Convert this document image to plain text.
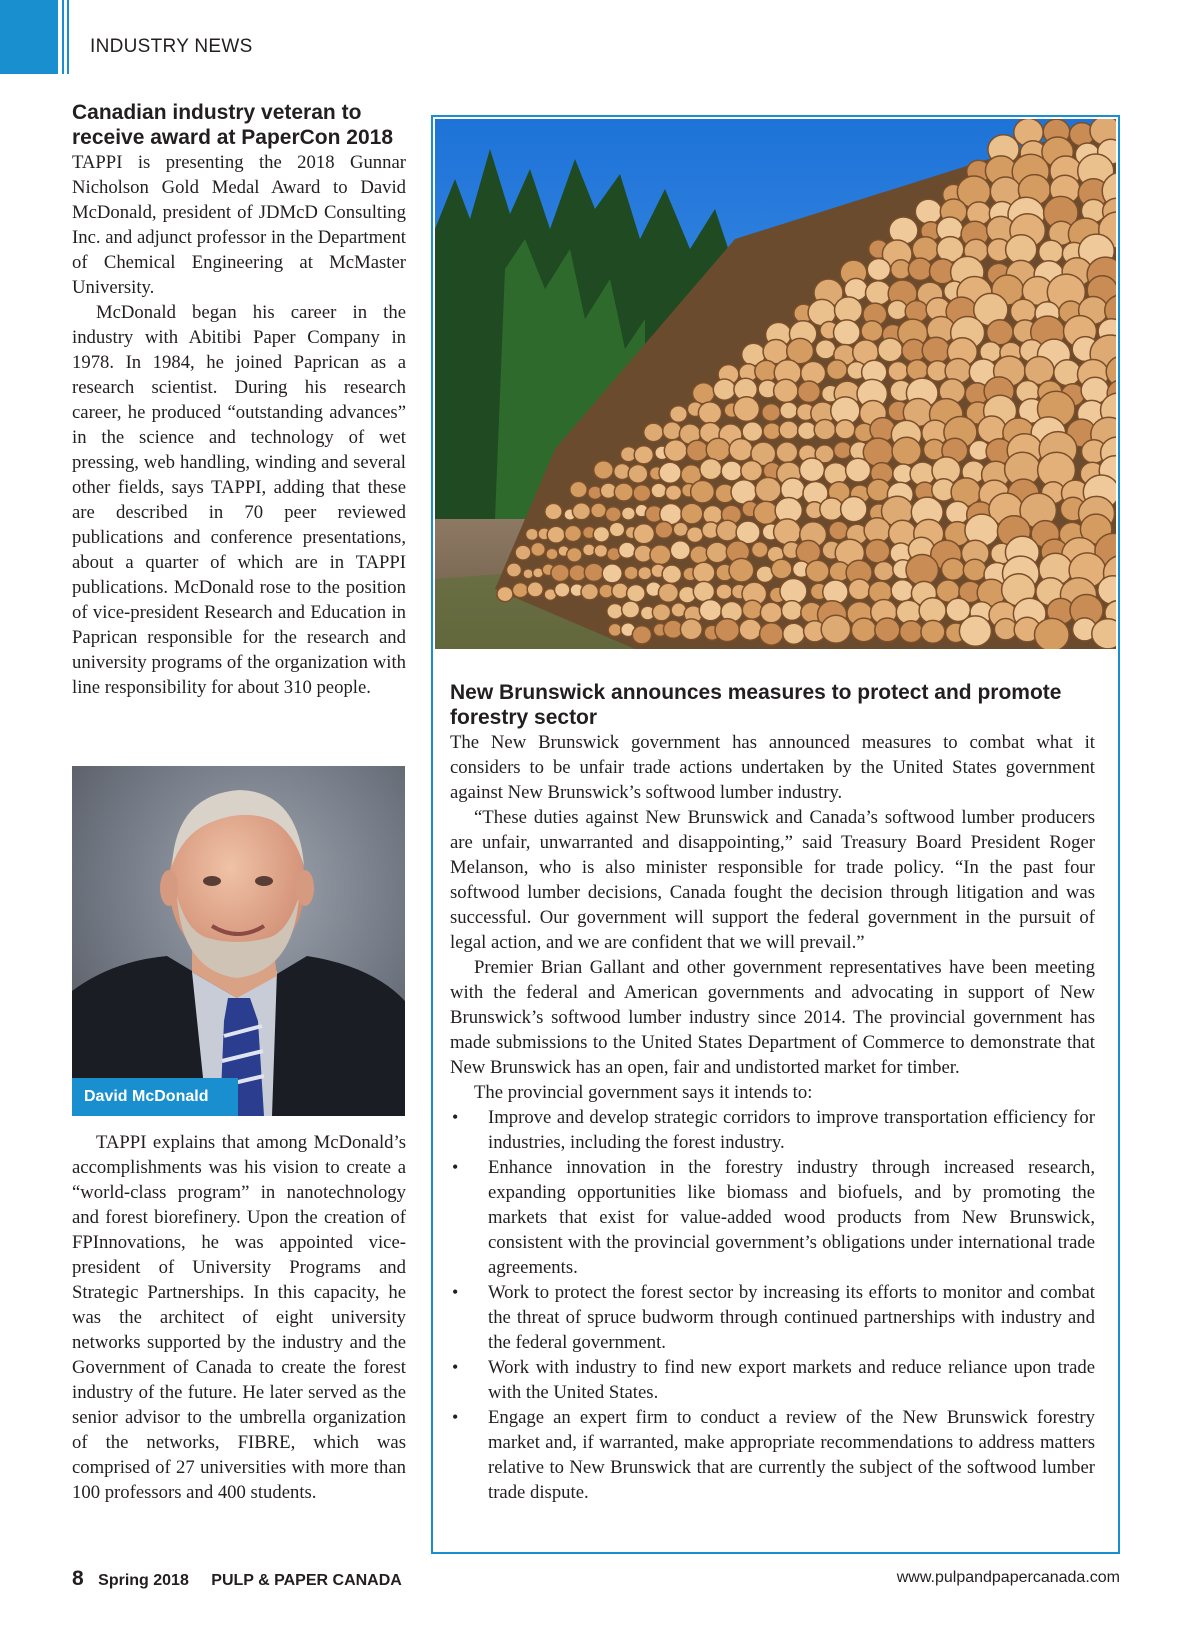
INDUSTRY NEWS
Canadian industry veteran to receive award at PaperCon 2018

TAPPI is presenting the 2018 Gunnar Nicholson Gold Medal Award to David McDonald, president of JDMcD Consulting Inc. and adjunct professor in the Department of Chemical Engineering at McMaster University.

McDonald began his career in the industry with Abitibi Paper Company in 1978. In 1984, he joined Paprican as a research scientist. During his research career, he produced “outstanding advances” in the science and technology of wet pressing, web handling, winding and several other fields, says TAPPI, adding that these are described in 70 peer reviewed publications and conference presentations, about a quarter of which are in TAPPI publications. McDonald rose to the position of vice-president Research and Education in Paprican responsible for the research and university programs of the organization with line responsibility for about 310 people.

David McDonald

TAPPI explains that among McDonald’s accomplishments was his vision to create a “world-class program” in nanotechnology and forest biorefinery. Upon the creation of FPInnovations, he was appointed vice-president of University Programs and Strategic Partnerships. In this capacity, he was the architect of eight university networks supported by the industry and the Government of Canada to create the forest industry of the future. He later served as the senior advisor to the umbrella organization of the networks, FIBRE, which was comprised of 27 universities with more than 100 professors and 400 students.

New Brunswick announces measures to protect and promote forestry sector

The New Brunswick government has announced measures to combat what it considers to be unfair trade actions undertaken by the United States government against New Brunswick’s softwood lumber industry.

“These duties against New Brunswick and Canada’s softwood lumber producers are unfair, unwarranted and disappointing,” said Treasury Board President Roger Melanson, who is also minister responsible for trade policy. “In the past four softwood lumber decisions, Canada fought the decision through litigation and was successful. Our government will support the federal government in the pursuit of legal action, and we are confident that we will prevail.”

Premier Brian Gallant and other government representatives have been meeting with the federal and American governments and advocating in support of New Brunswick’s softwood lumber industry since 2014. The provincial government has made submissions to the United States Department of Commerce to demonstrate that New Brunswick has an open, fair and undistorted market for timber.

The provincial government says it intends to:

• Improve and develop strategic corridors to improve transportation efficiency for industries, including the forest industry.
• Enhance innovation in the forestry industry through increased research, expanding opportunities like biomass and biofuels, and by promoting the markets that exist for value-added wood products from New Brunswick, consistent with the provincial government’s obligations under international trade agreements.
• Work to protect the forest sector by increasing its efforts to monitor and combat the threat of spruce budworm through continued partnerships with industry and the federal government.
• Work with industry to find new export markets and reduce reliance upon trade with the United States.
• Engage an expert firm to conduct a review of the New Brunswick forestry market and, if warranted, make appropriate recommendations to address matters relative to New Brunswick that are currently the subject of the softwood lumber trade dispute.
8 Spring 2018 PULP & PAPER CANADA	www.pulpandpapercanada.com
